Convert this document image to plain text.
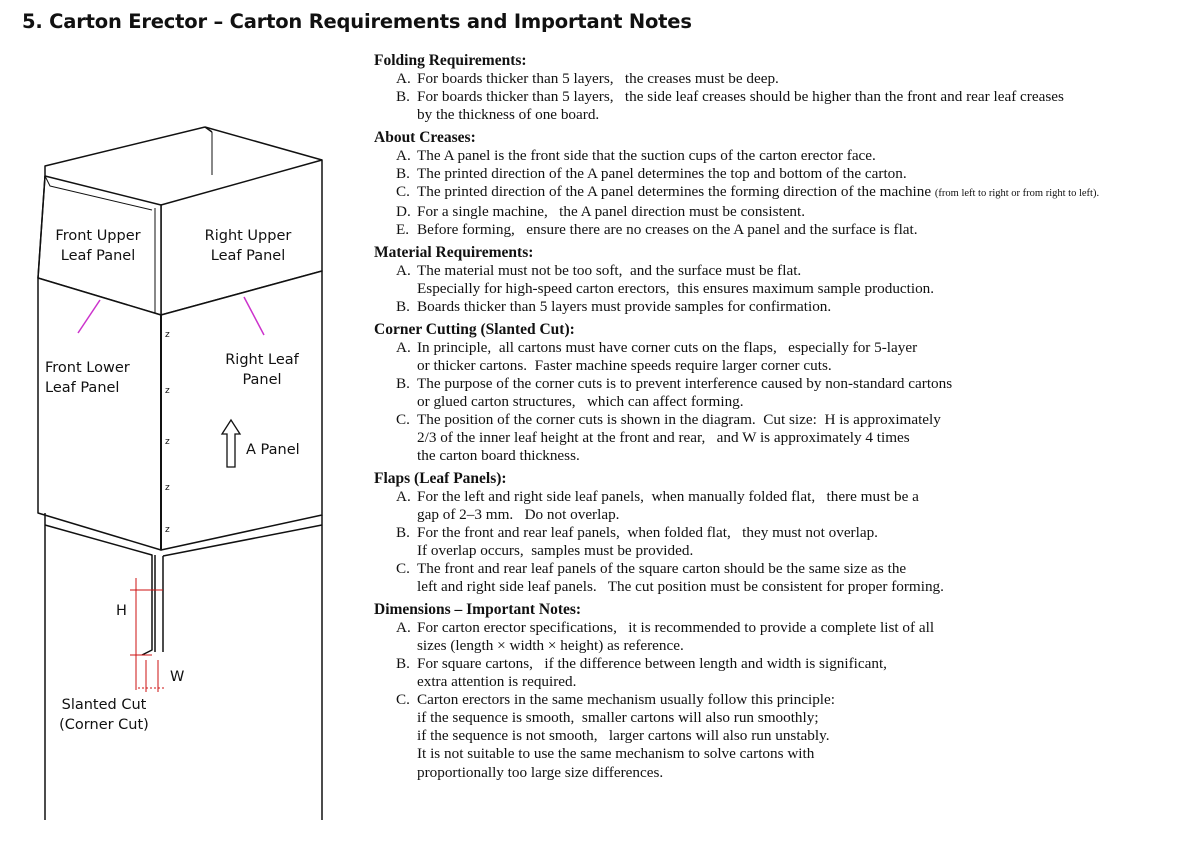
5. Carton Erector – Carton Requirements and Important Notes
z
z
z
z
z
Front Upper
Leaf Panel
Right Upper
Leaf Panel
Front Lower
Leaf Panel
Right Leaf
Panel
A Panel
H
W
Slanted Cut
(Corner Cut)
Folding Requirements:
A. For boards thicker than 5 layers,   the creases must be deep.
B. For boards thicker than 5 layers,   the side leaf creases should be higher than the front and rear leaf creases
by the thickness of one board.
About Creases:
A. The A panel is the front side that the suction cups of the carton erector face.
B. The printed direction of the A panel determines the top and bottom of the carton.
C. The printed direction of the A panel determines the forming direction of the machine (from left to right or from right to left).
D. For a single machine,   the A panel direction must be consistent.
E. Before forming,   ensure there are no creases on the A panel and the surface is flat.
Material Requirements:
A. The material must not be too soft,  and the surface must be flat.
Especially for high-speed carton erectors,  this ensures maximum sample production.
B. Boards thicker than 5 layers must provide samples for confirmation.
Corner Cutting (Slanted Cut):
A. In principle,  all cartons must have corner cuts on the flaps,   especially for 5-layer
or thicker cartons.  Faster machine speeds require larger corner cuts.
B. The purpose of the corner cuts is to prevent interference caused by non-standard cartons
or glued carton structures,   which can affect forming.
C. The position of the corner cuts is shown in the diagram.  Cut size:  H is approximately
2/3 of the inner leaf height at the front and rear,   and W is approximately 4 times
the carton board thickness.
Flaps (Leaf Panels):
A. For the left and right side leaf panels,  when manually folded flat,   there must be a
gap of 2–3 mm.   Do not overlap.
B. For the front and rear leaf panels,  when folded flat,   they must not overlap.
If overlap occurs,  samples must be provided.
C. The front and rear leaf panels of the square carton should be the same size as the
left and right side leaf panels.   The cut position must be consistent for proper forming.
Dimensions – Important Notes:
A. For carton erector specifications,   it is recommended to provide a complete list of all
sizes (length × width × height) as reference.
B. For square cartons,   if the difference between length and width is significant,
extra attention is required.
C. Carton erectors in the same mechanism usually follow this principle:
if the sequence is smooth,  smaller cartons will also run smoothly;
if the sequence is not smooth,   larger cartons will also run unstably.
It is not suitable to use the same mechanism to solve cartons with
proportionally too large size differences.
